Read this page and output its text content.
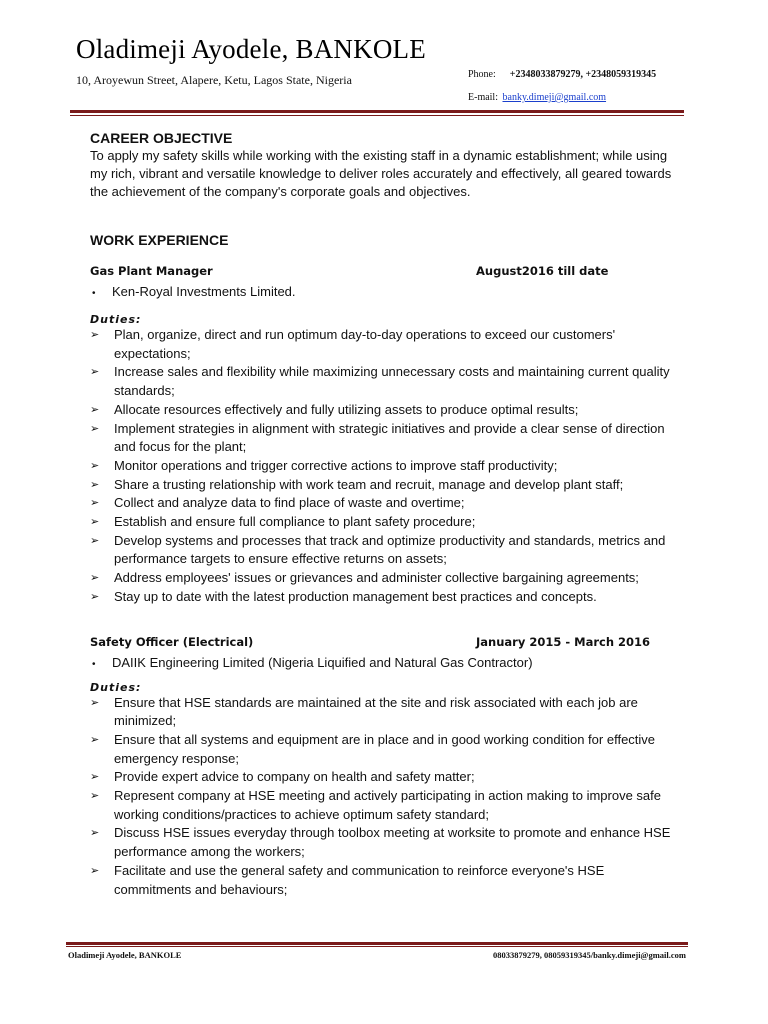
Oladimeji Ayodele, BANKOLE
10, Aroyewun Street, Alapere, Ketu, Lagos State, Nigeria	Phone: +2348033879279, +2348059319345
E-mail: banky.dimeji@gmail.com
CAREER OBJECTIVE

To apply my safety skills while working with the existing staff in a dynamic establishment; while using my rich, vibrant and versatile knowledge to deliver roles accurately and effectively, all geared towards the achievement of the company's corporate goals and objectives.

WORK EXPERIENCE
Gas Plant Manager	August2016 till date
•	Ken-Royal Investments Limited.

Duties:

➢ Plan, organize, direct and run optimum day-to-day operations to exceed our customers' expectations;
➢ Increase sales and flexibility while maximizing unnecessary costs and maintaining current quality standards;
➢ Allocate resources effectively and fully utilizing assets to produce optimal results;
➢ Implement strategies in alignment with strategic initiatives and provide a clear sense of direction and focus for the plant;
➢ Monitor operations and trigger corrective actions to improve staff productivity;
➢ Share a trusting relationship with work team and recruit, manage and develop plant staff;
➢ Collect and analyze data to find place of waste and overtime;
➢ Establish and ensure full compliance to plant safety procedure;
➢ Develop systems and processes that track and optimize productivity and standards, metrics and performance targets to ensure effective returns on assets;
➢ Address employees' issues or grievances and administer collective bargaining agreements;
➢ Stay up to date with the latest production management best practices and concepts.
Safety Officer (Electrical)	January 2015 - March 2016
•	DAIIK Engineering Limited (Nigeria Liquified and Natural Gas Contractor)

Duties:

➢ Ensure that HSE standards are maintained at the site and risk associated with each job are minimized;
➢ Ensure that all systems and equipment are in place and in good working condition for effective emergency response;
➢ Provide expert advice to company on health and safety matter;
➢ Represent company at HSE meeting and actively participating in action making to improve safe working conditions/practices to achieve optimum safety standard;
➢ Discuss HSE issues everyday through toolbox meeting at worksite to promote and enhance HSE performance among the workers;
➢ Facilitate and use the general safety and communication to reinforce everyone's HSE commitments and behaviours;
Oladimeji Ayodele, BANKOLE	08033879279, 08059319345/banky.dimeji@gmail.com
